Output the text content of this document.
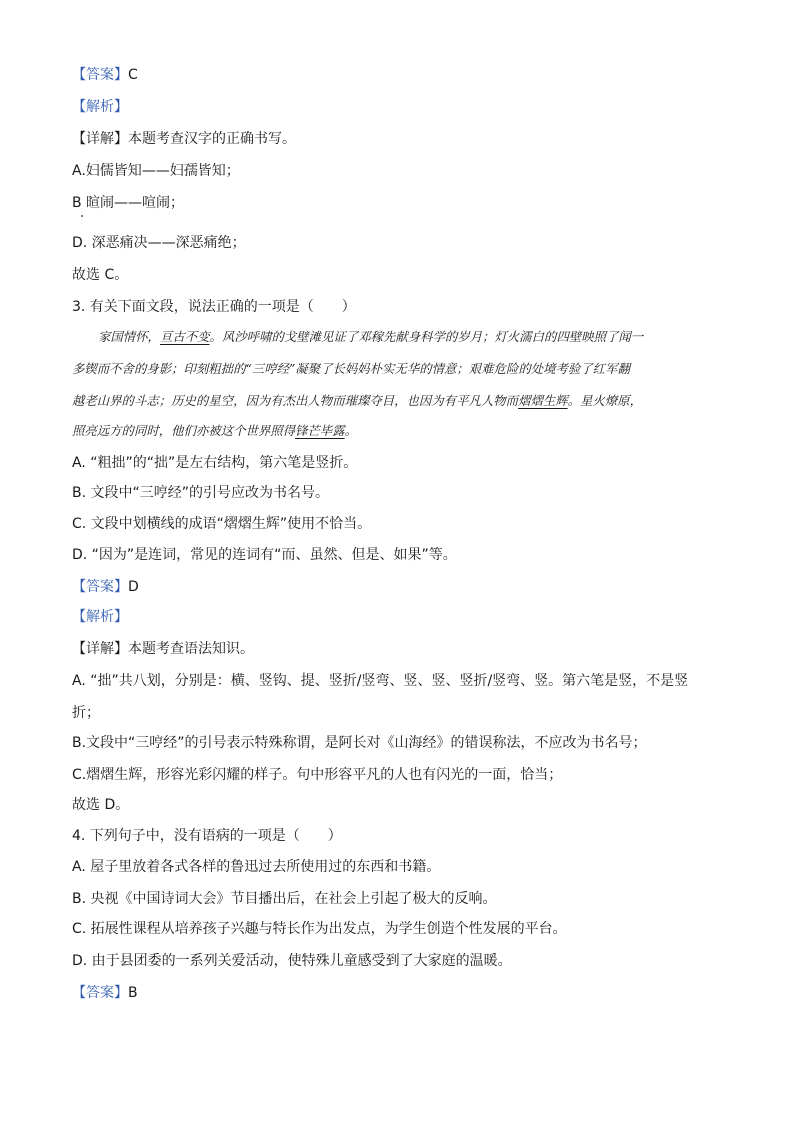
【答案】C
【解析】
【详解】本题考查汉字的正确书写。
A.妇儒皆知——妇孺皆知；
B 暄闹——喧闹；
D. 深恶痛决——深恶痛绝；
故选 C。
3. 有关下面文段，说法正确的一项是（　　）
家国情怀，亘古不变。风沙呼啸的戈壁滩见证了邓稼先献身科学的岁月；灯火濡白的四壁映照了闻一
多锲而不舍的身影；印刻粗拙的“三哼经”凝聚了长妈妈朴实无华的情意；艰难危险的处境考验了红军翻
越老山界的斗志；历史的星空，因为有杰出人物而璀璨夺目，也因为有平凡人物而熠熠生辉。星火燎原，
照亮远方的同时，他们亦被这个世界照得锋芒毕露。
A. “粗拙”的“拙”是左右结构，第六笔是竖折。
B. 文段中“三哼经”的引号应改为书名号。
C. 文段中划横线的成语“熠熠生辉”使用不恰当。
D. “因为”是连词，常见的连词有“而、虽然、但是、如果”等。
【答案】D
【解析】
【详解】本题考查语法知识。
A. “拙”共八划，分别是：横、竖钩、提、竖折/竖弯、竖、竖、竖折/竖弯、竖。第六笔是竖，不是竖
折；
B.文段中“三哼经”的引号表示特殊称谓，是阿长对《山海经》的错误称法，不应改为书名号；
C.熠熠生辉，形容光彩闪耀的样子。句中形容平凡的人也有闪光的一面，恰当；
故选 D。
4. 下列句子中，没有语病的一项是（　　）
A. 屋子里放着各式各样的鲁迅过去所使用过的东西和书籍。
B. 央视《中国诗词大会》节目播出后，在社会上引起了极大的反响。
C. 拓展性课程从培养孩子兴趣与特长作为出发点，为学生创造个性发展的平台。
D. 由于县团委的一系列关爱活动，使特殊儿童感受到了大家庭的温暖。
【答案】B
